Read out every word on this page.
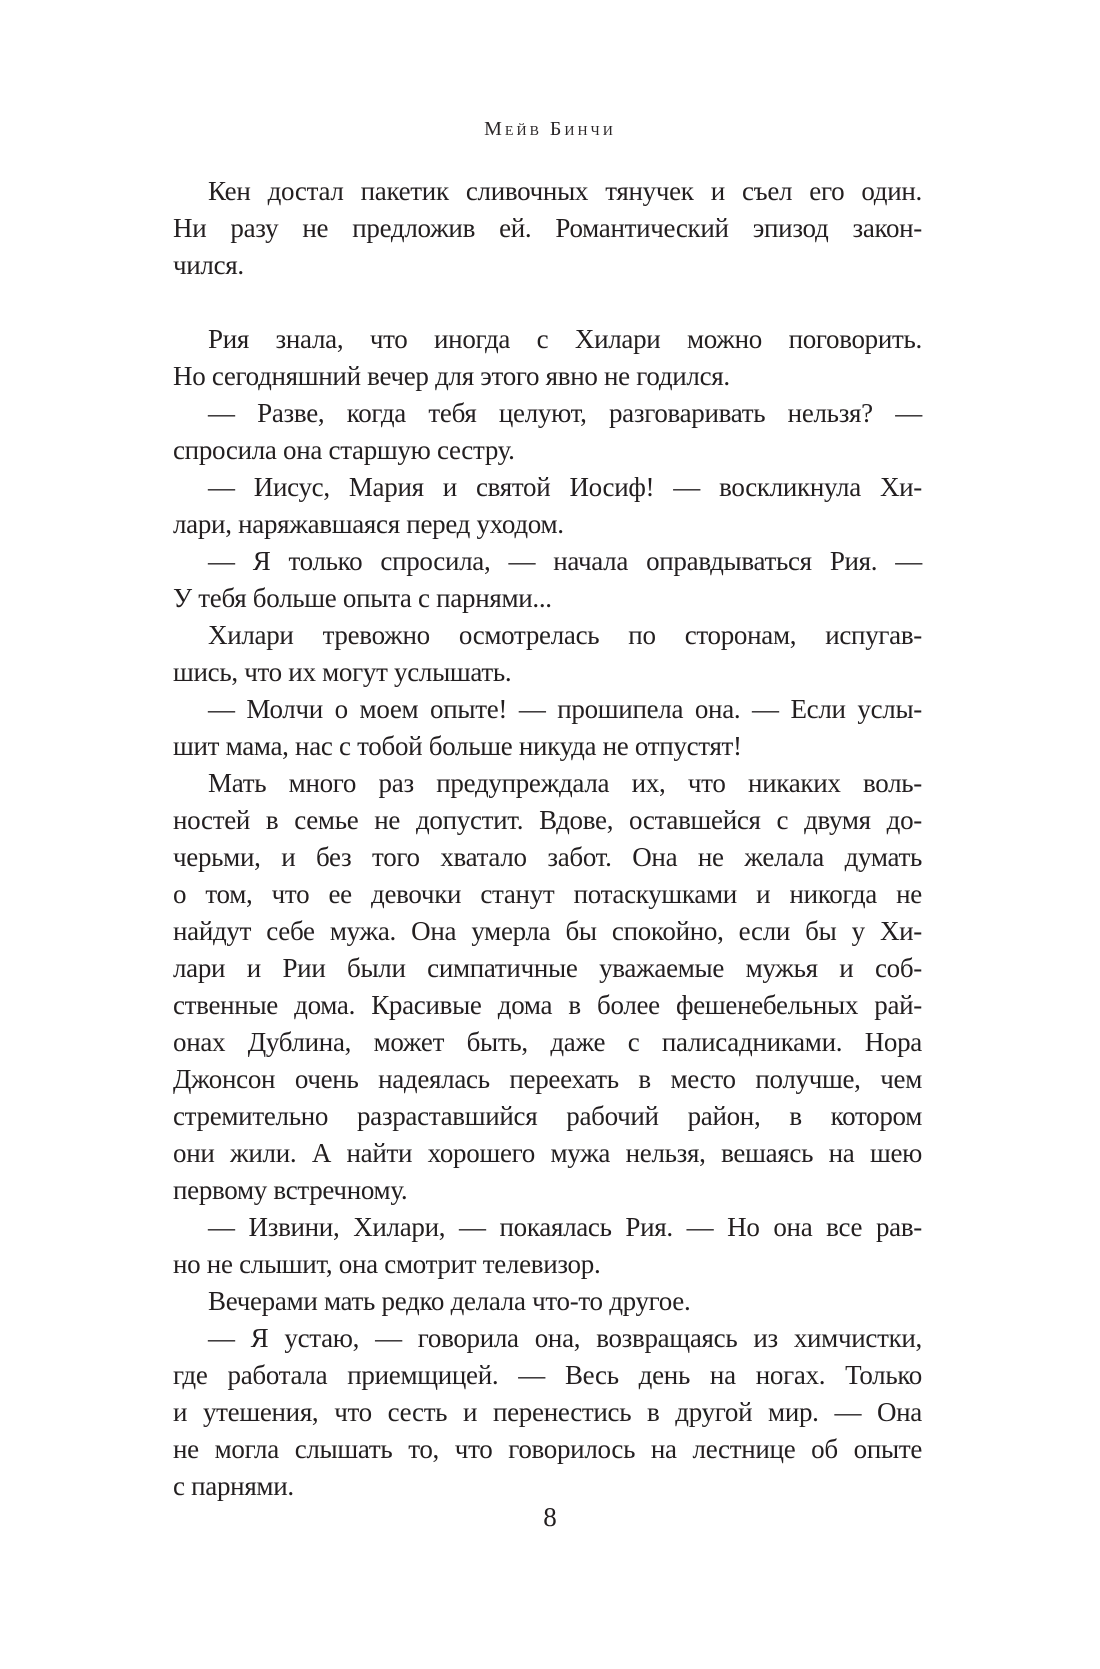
Мейв Бинчи
Кен достал пакетик сливочных тянучек и съел его один.
Ни разу не предложив ей. Романтический эпизод закон-
чился.
Рия знала, что иногда с Хилари можно поговорить.
Но сегодняшний вечер для этого явно не годился.
— Разве, когда тебя целуют, разговаривать нельзя? —
спросила она старшую сестру.
— Иисус, Мария и святой Иосиф! — воскликнула Хи-
лари, наряжавшаяся перед уходом.
— Я только спросила, — начала оправдываться Рия. —
У тебя больше опыта с парнями...
Хилари тревожно осмотрелась по сторонам, испугав-
шись, что их могут услышать.
— Молчи о моем опыте! — прошипела она. — Если услы-
шит мама, нас с тобой больше никуда не отпустят!
Мать много раз предупреждала их, что никаких воль-
ностей в семье не допустит. Вдове, оставшейся с двумя до-
черьми, и без того хватало забот. Она не желала думать
о том, что ее девочки станут потаскушками и никогда не
найдут себе мужа. Она умерла бы спокойно, если бы у Хи-
лари и Рии были симпатичные уважаемые мужья и соб-
ственные дома. Красивые дома в более фешенебельных рай-
онах Дублина, может быть, даже с палисадниками. Нора
Джонсон очень надеялась переехать в место получше, чем
стремительно разраставшийся рабочий район, в котором
они жили. А найти хорошего мужа нельзя, вешаясь на шею
первому встречному.
— Извини, Хилари, — покаялась Рия. — Но она все рав-
но не слышит, она смотрит телевизор.
Вечерами мать редко делала что-то другое.
— Я устаю, — говорила она, возвращаясь из химчистки,
где работала приемщицей. — Весь день на ногах. Только
и утешения, что сесть и перенестись в другой мир. — Она
не могла слышать то, что говорилось на лестнице об опыте
с парнями.
8
